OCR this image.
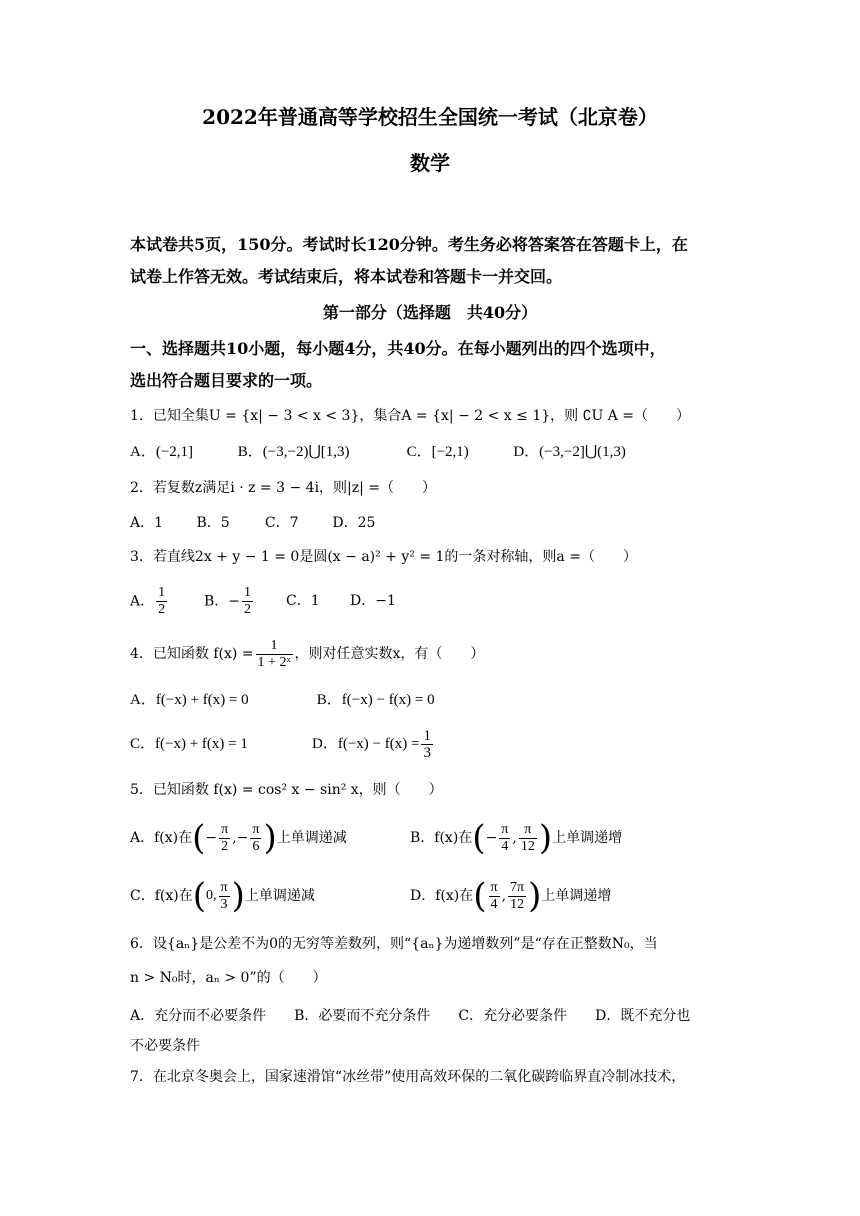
2022年普通高等学校招生全国统一考试（北京卷）
数学
本试卷共5页，150分。考试时长120分钟。考生务必将答案答在答题卡上，在
试卷上作答无效。考试结束后，将本试卷和答题卡一并交回。
第一部分（选择题　共40分）
一、选择题共10小题，每小题4分，共40分。在每小题列出的四个选项中，
选出符合题目要求的一项。
1．已知全集U = {x| − 3 < x < 3}，集合A = {x| − 2 < x ≤ 1}，则 ∁U A =（　　）
A．(−2,1]	B．(−3,−2)⋃[1,3)	C．[−2,1)	D．(−3,−2]⋃(1,3)
2．若复数z满足i · z = 3 − 4i，则|z| =（　　）
A．1 B．5	C．7 D．25
3．若直线2x + y − 1 = 0是圆(x − a)² + y² = 1的一条对称轴，则a =（　　）
A． $\frac{1}{2}$	B．− $\frac{1}{2}$ C．1	D．−1
4．已知函数 $f(x) = \frac{1}{\text{1 + 2ˣ}}$ ，则对任意实数x，有（　　）
A．f(−x) + f(x) = 0	B．f(−x) − f(x) = 0
C．f(−x) + f(x) = 1	D．$f(-x) - f(x) = \frac{1}{3}$
5．已知函数 f(x) = cos² x − sin² x，则（　　）
A．f(x)在 ( − $\frac{\pi}{2}$ ,− $\frac{\pi}{6}$ ) 上单调递减	B．f(x)在 ( − $\frac{\pi}{4}$ , $\frac{\pi}{12}$ ) 上单调递增
C．f(x)在 ( 0, $\frac{\pi}{3}$ ) 上单调递减	D．f(x)在 ( $\frac{\pi}{4}$ , $\frac{7\pi}{12}$ ) 上单调递增
6．设{aₙ}是公差不为0的无穷等差数列，则“{aₙ}为递增数列”是“存在正整数N₀，当
n > N₀时，aₙ > 0”的（　　）
A．充分而不必要条件　　B．必要而不充分条件　　C．充分必要条件　　D．既不充分也
不必要条件
7．在北京冬奥会上，国家速滑馆“冰丝带”使用高效环保的二氧化碳跨临界直冷制冰技术，
